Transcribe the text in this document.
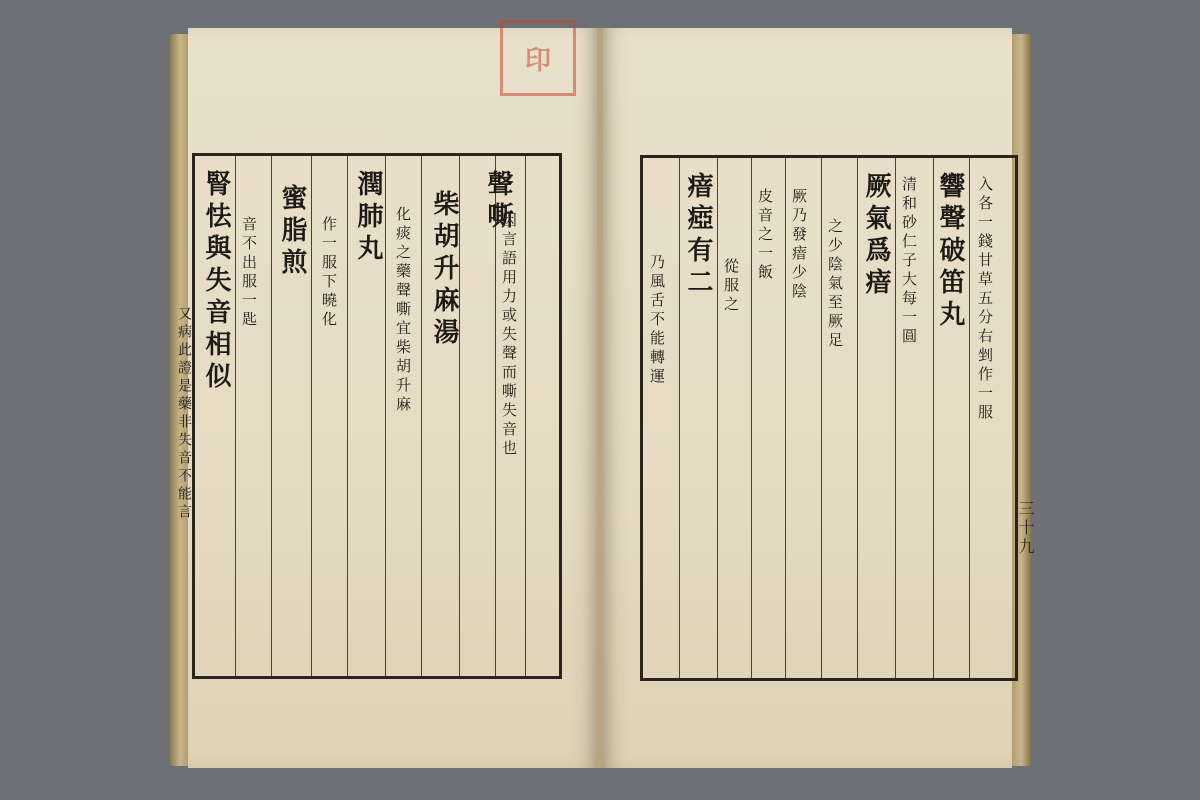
印
聲嘶
因言語用力或失聲而嘶失音也
柴胡升麻湯
化痰之藥聲嘶宜柴胡升麻
潤肺丸
作一服下曉化
蜜脂煎
音不出服一匙
腎怯與失音相似
又病此證是藥非失音不能言	入各一錢甘草五分右剉作一服
響聲破笛丸
清和砂仁子大每一圓
厥氣爲瘖
之少陰氣至厥足
厥乃發瘖少陰
皮音之一飯
從服之
瘖瘂有二
乃風舌不能轉運
三十九
